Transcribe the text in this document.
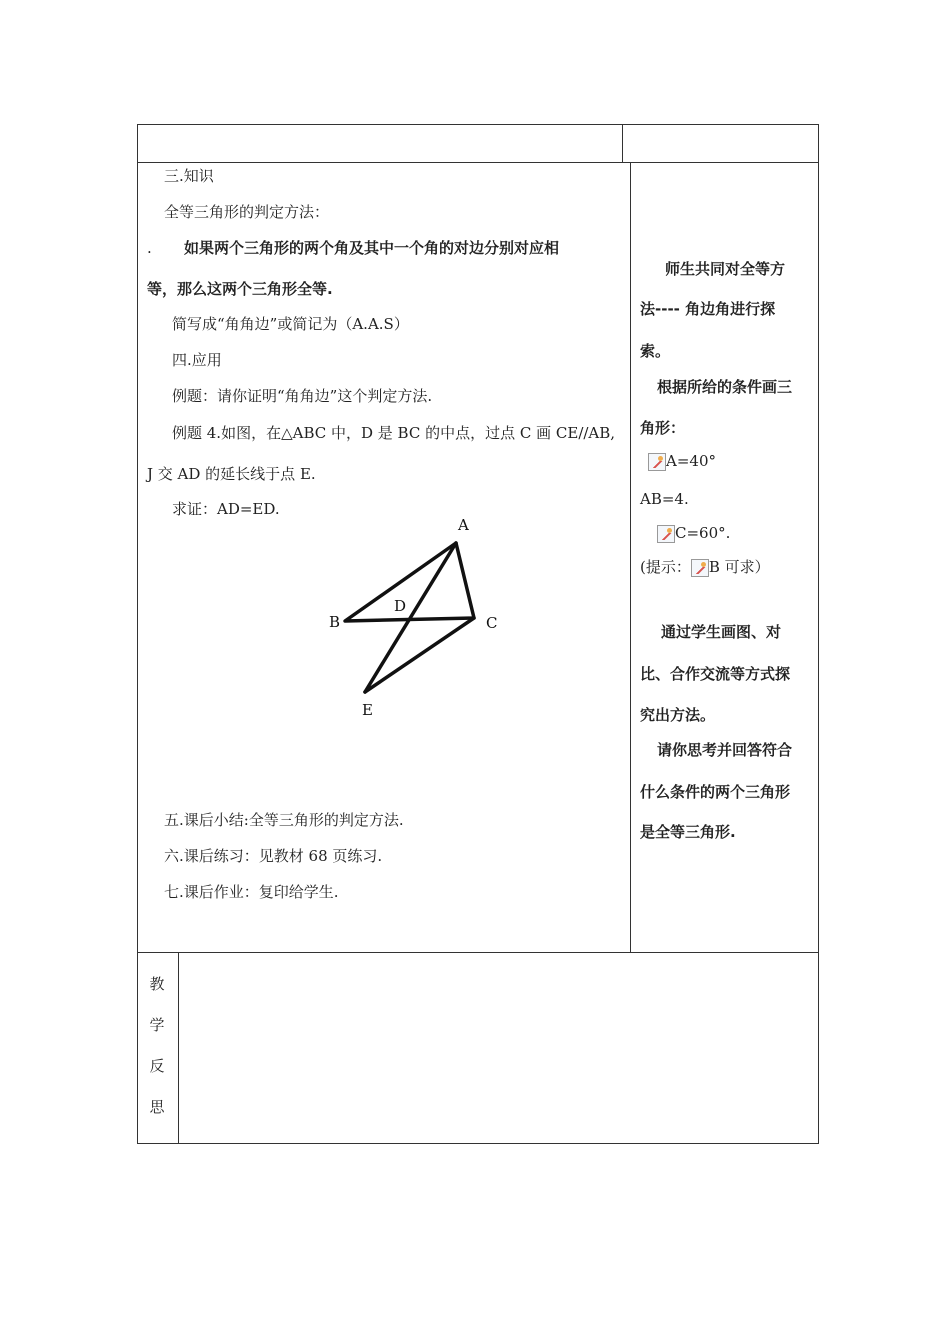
三.知识
全等三角形的判定方法：
. 如果两个三角形的两个角及其中一个角的对边分别对应相
等，那么这两个三角形全等.
简写成“角角边”或简记为（A.A.S）
四.应用
例题：请你证明“角角边”这个判定方法.
例题 4.如图，在△ABC 中，D 是 BC 的中点，过点 C 画 CE//AB,
J 交 AD 的延长线于点 E.
求证：AD=ED.
A
B	C
D
E
五.课后小结:全等三角形的判定方法.
六.课后练习：见教材 68 页练习.
七.课后作业：复印给学生.
师生共同对全等方
法---- 角边角进行探
索。
根据所给的条件画三
角形：
A=40°
AB=4.
C=60°.
(提示： B 可求）
通过学生画图、对
比、合作交流等方式探
究出方法。
请你思考并回答符合
什么条件的两个三角形
是全等三角形.
教
学
反
思
